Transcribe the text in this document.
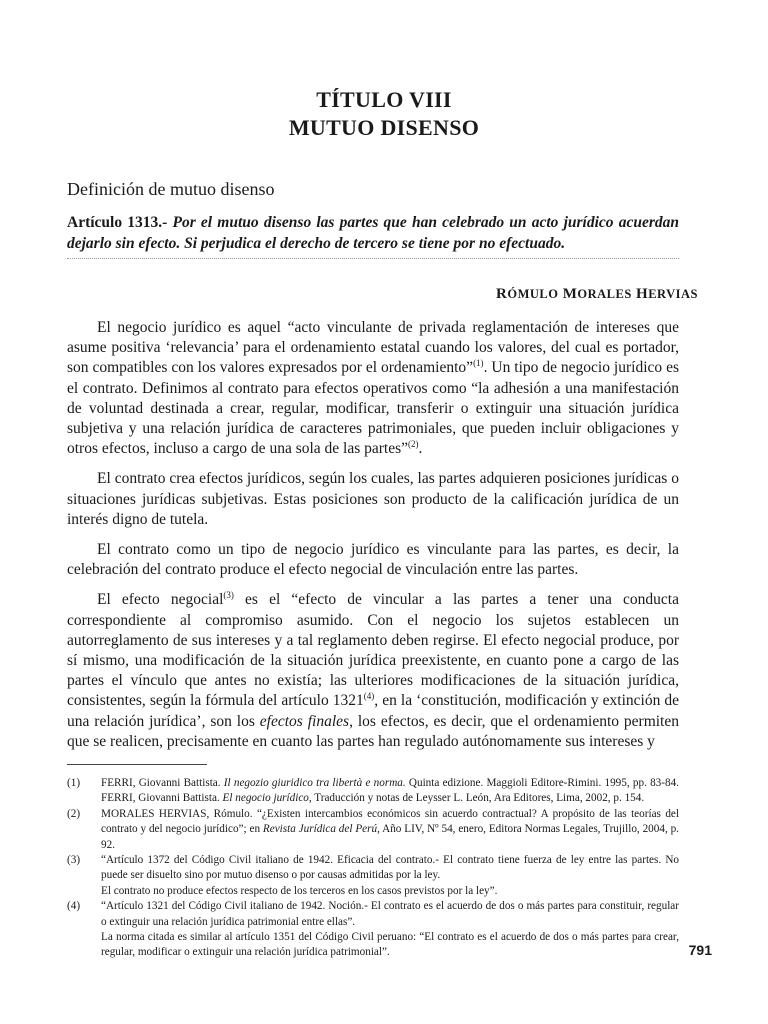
TÍTULO VIII
MUTUO DISENSO
Definición de mutuo disenso
Artículo 1313.- Por el mutuo disenso las partes que han celebrado un acto jurídico acuerdan dejarlo sin efecto. Si perjudica el derecho de tercero se tiene por no efectuado.
RÓMULO MORALES HERVIAS

El negocio jurídico es aquel “acto vinculante de privada reglamentación de intereses que asume positiva ‘relevancia’ para el ordenamiento estatal cuando los valores, del cual es portador, son compatibles con los valores expresados por el ordenamiento”$^{(1)}$. Un tipo de negocio jurídico es el contrato. Definimos al contrato para efectos operativos como “la adhesión a una manifestación de voluntad destinada a crear, regular, modificar, transferir o extinguir una situación jurídica subjetiva y una relación jurídica de caracteres patrimoniales, que pueden incluir obligaciones y otros efectos, incluso a cargo de una sola de las partes”$^{(2)}$.

El contrato crea efectos jurídicos, según los cuales, las partes adquieren posiciones jurídicas o situaciones jurídicas subjetivas. Estas posiciones son producto de la calificación jurídica de un interés digno de tutela.

El contrato como un tipo de negocio jurídico es vinculante para las partes, es decir, la celebración del contrato produce el efecto negocial de vinculación entre las partes.

El efecto negocial$^{(3)}$ es el “efecto de vincular a las partes a tener una conducta correspondiente al compromiso asumido. Con el negocio los sujetos establecen un autorreglamento de sus intereses y a tal reglamento deben regirse. El efecto negocial produce, por sí mismo, una modificación de la situación jurídica preexistente, en cuanto pone a cargo de las partes el vínculo que antes no existía; las ulteriores modificaciones de la situación jurídica, consistentes, según la fórmula del artículo 1321$^{(4)}$, en la ‘constitución, modificación y extinción de una relación jurídica’, son los efectos finales, los efectos, es decir, que el ordenamiento permiten que se realicen, precisamente en cuanto las partes han regulado autónomamente sus intereses y

(1)	FERRI, Giovanni Battista. Il negozio giuridico tra libertà e norma. Quinta edizione. Maggioli Editore-Rimini. 1995, pp. 83-84. FERRI, Giovanni Battista. El negocio jurídico, Traducción y notas de Leysser L. León, Ara Editores, Lima, 2002, p. 154.
(2)	MORALES HERVIAS, Rómulo. “¿Existen intercambios económicos sin acuerdo contractual? A propósito de las teorías del contrato y del negocio jurídico”; en Revista Jurídica del Perú, Año LIV, Nº 54, enero, Editora Normas Legales, Trujillo, 2004, p. 92.
(3)	“Artículo 1372 del Código Civil italiano de 1942. Eficacia del contrato.- El contrato tiene fuerza de ley entre las partes. No puede ser disuelto sino por mutuo disenso o por causas admitidas por la ley.
El contrato no produce efectos respecto de los terceros en los casos previstos por la ley”.
(4)	“Artículo 1321 del Código Civil italiano de 1942. Noción.- El contrato es el acuerdo de dos o más partes para constituir, regular o extinguir una relación jurídica patrimonial entre ellas”.
La norma citada es similar al artículo 1351 del Código Civil peruano: “El contrato es el acuerdo de dos o más partes para crear, regular, modificar o extinguir una relación jurídica patrimonial”.	791
